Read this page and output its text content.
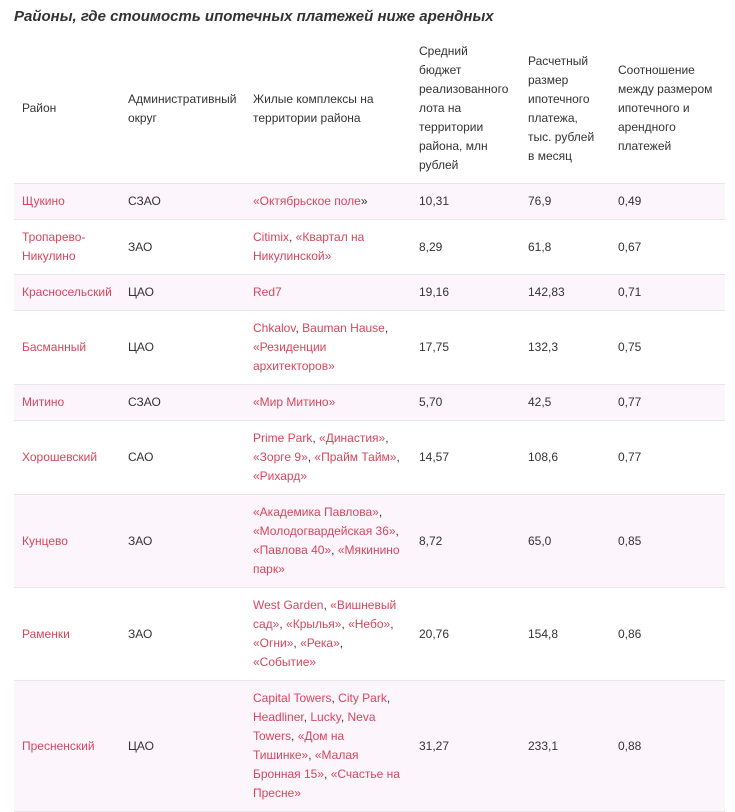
Районы, где стоимость ипотечных платежей ниже арендных
Район	Административный округ	Жилые комплексы на территории района	Средний бюджет реализованного лота на территории района, млн рублей	Расчетный размер ипотечного платежа, тыс. рублей в месяц	Соотношение между размером ипотечного и арендного платежей
Щукино	СЗАО	«Октябрьское поле»	10,31	76,9	0,49
Тропарево-Никулино	ЗАО	Citimix, «Квартал на Никулинской»	8,29	61,8	0,67
Красносельский	ЦАО	Red7	19,16	142,83	0,71
Басманный	ЦАО	Chkalov, Bauman Hause, «Резиденции архитекторов»	17,75	132,3	0,75
Митино	СЗАО	«Мир Митино»	5,70	42,5	0,77
Хорошевский	САО	Prime Park, «Династия», «Зорге 9», «Прайм Тайм», «Рихард»	14,57	108,6	0,77
Кунцево	ЗАО	«Академика Павлова», «Молодогвардейская 36», «Павлова 40», «Мякинино парк»	8,72	65,0	0,85
Раменки	ЗАО	West Garden, «Вишневый сад», «Крылья», «Небо», «Огни», «Река», «Событие»	20,76	154,8	0,86
Пресненский	ЦАО	Capital Towers, City Park, Headliner, Lucky, Neva Towers, «Дом на Тишинке», «Малая Бронная 15», «Счастье на Пресне»	31,27	233,1	0,88
